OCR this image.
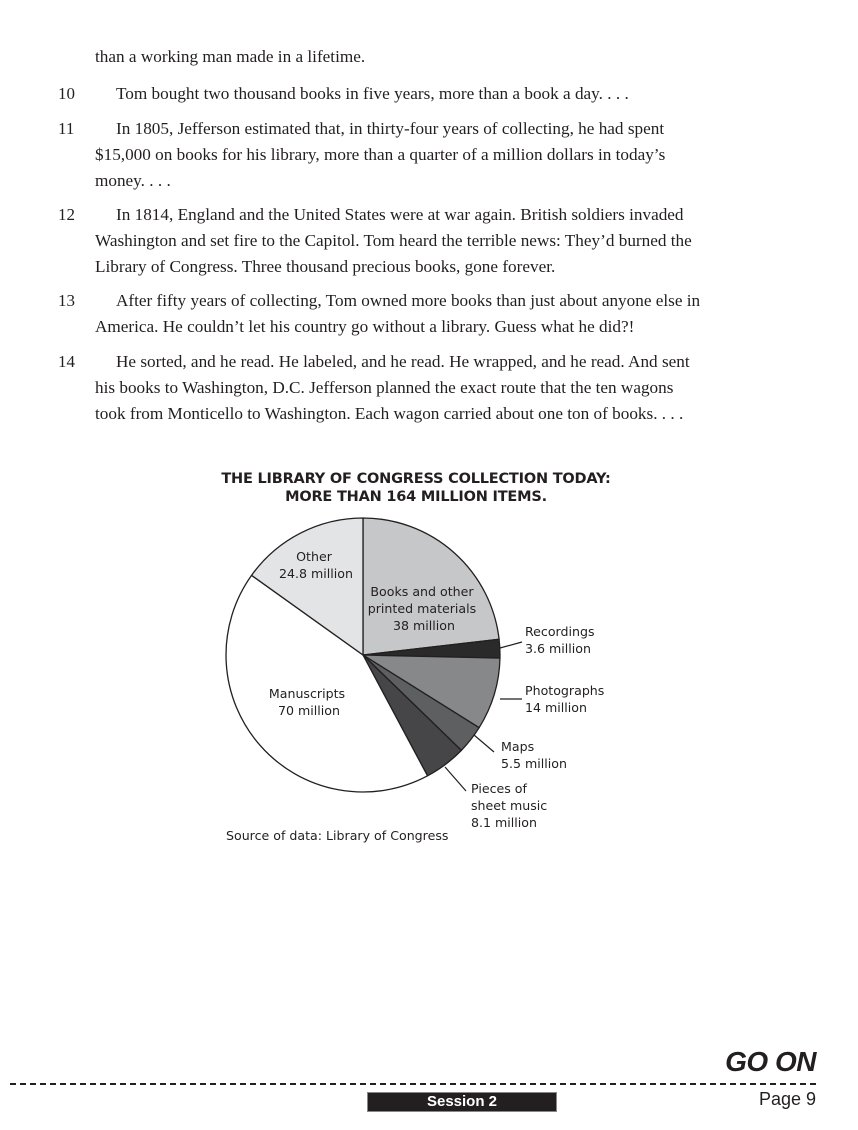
than a working man made in a lifetime.
10	Tom bought two thousand books in five years, more than a book a day. . . .
11	In 1805, Jefferson estimated that, in thirty-four years of collecting, he had spent
$15,000 on books for his library, more than a quarter of a million dollars in today’s
money. . . .
12	In 1814, England and the United States were at war again. British soldiers invaded
Washington and set fire to the Capitol. Tom heard the terrible news: They’d burned the
Library of Congress. Three thousand precious books, gone forever.
13	After fifty years of collecting, Tom owned more books than just about anyone else in
America. He couldn’t let his country go without a library. Guess what he did?!
14	He sorted, and he read. He labeled, and he read. He wrapped, and he read. And sent
his books to Washington, D.C. Jefferson planned the exact route that the ten wagons
took from Monticello to Washington. Each wagon carried about one ton of books. . . .
THE LIBRARY OF CONGRESS COLLECTION TODAY:
MORE THAN 164 MILLION ITEMS.
Books and other printed materials 38 million	Recordings 3.6 million
Photographs 14 million
Maps 5.5 million
Pieces of sheet music 8.1 million
Manuscripts 70 million
Other 24.8 million
Source of data: Library of Congress
GO ON
Session 2	Page 9
